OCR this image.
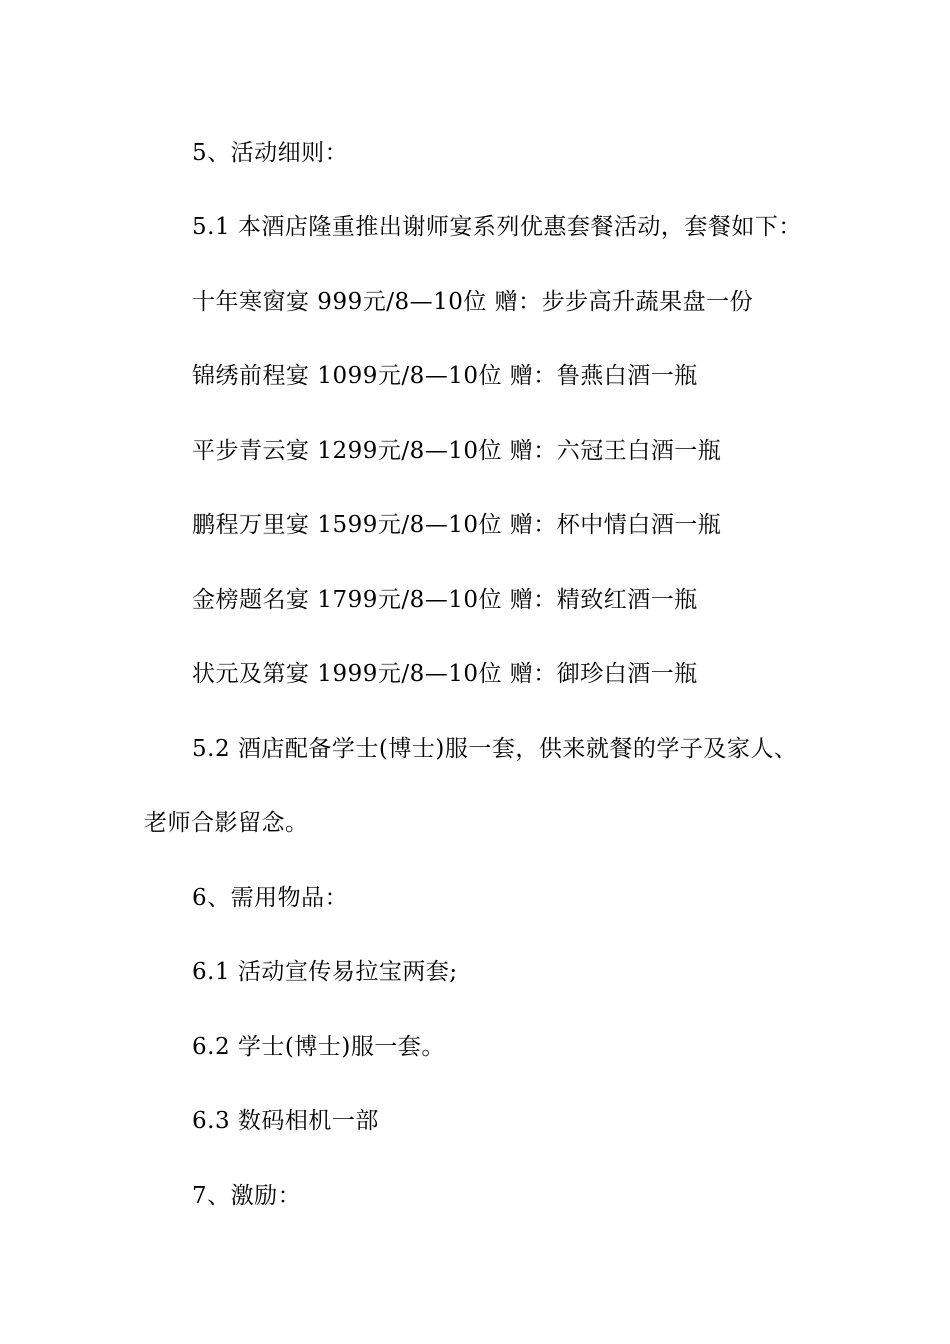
5、活动细则：
5.1 本酒店隆重推出谢师宴系列优惠套餐活动，套餐如下：
十年寒窗宴 999元/8—10位 赠：步步高升蔬果盘一份
锦绣前程宴 1099元/8—10位 赠：鲁燕白酒一瓶
平步青云宴 1299元/8—10位 赠：六冠王白酒一瓶
鹏程万里宴 1599元/8—10位 赠：杯中情白酒一瓶
金榜题名宴 1799元/8—10位 赠：精致红酒一瓶
状元及第宴 1999元/8—10位 赠：御珍白酒一瓶
5.2 酒店配备学士(博士)服一套，供来就餐的学子及家人、
老师合影留念。
6、需用物品：
6.1 活动宣传易拉宝两套;
6.2 学士(博士)服一套。
6.3 数码相机一部
7、激励：
